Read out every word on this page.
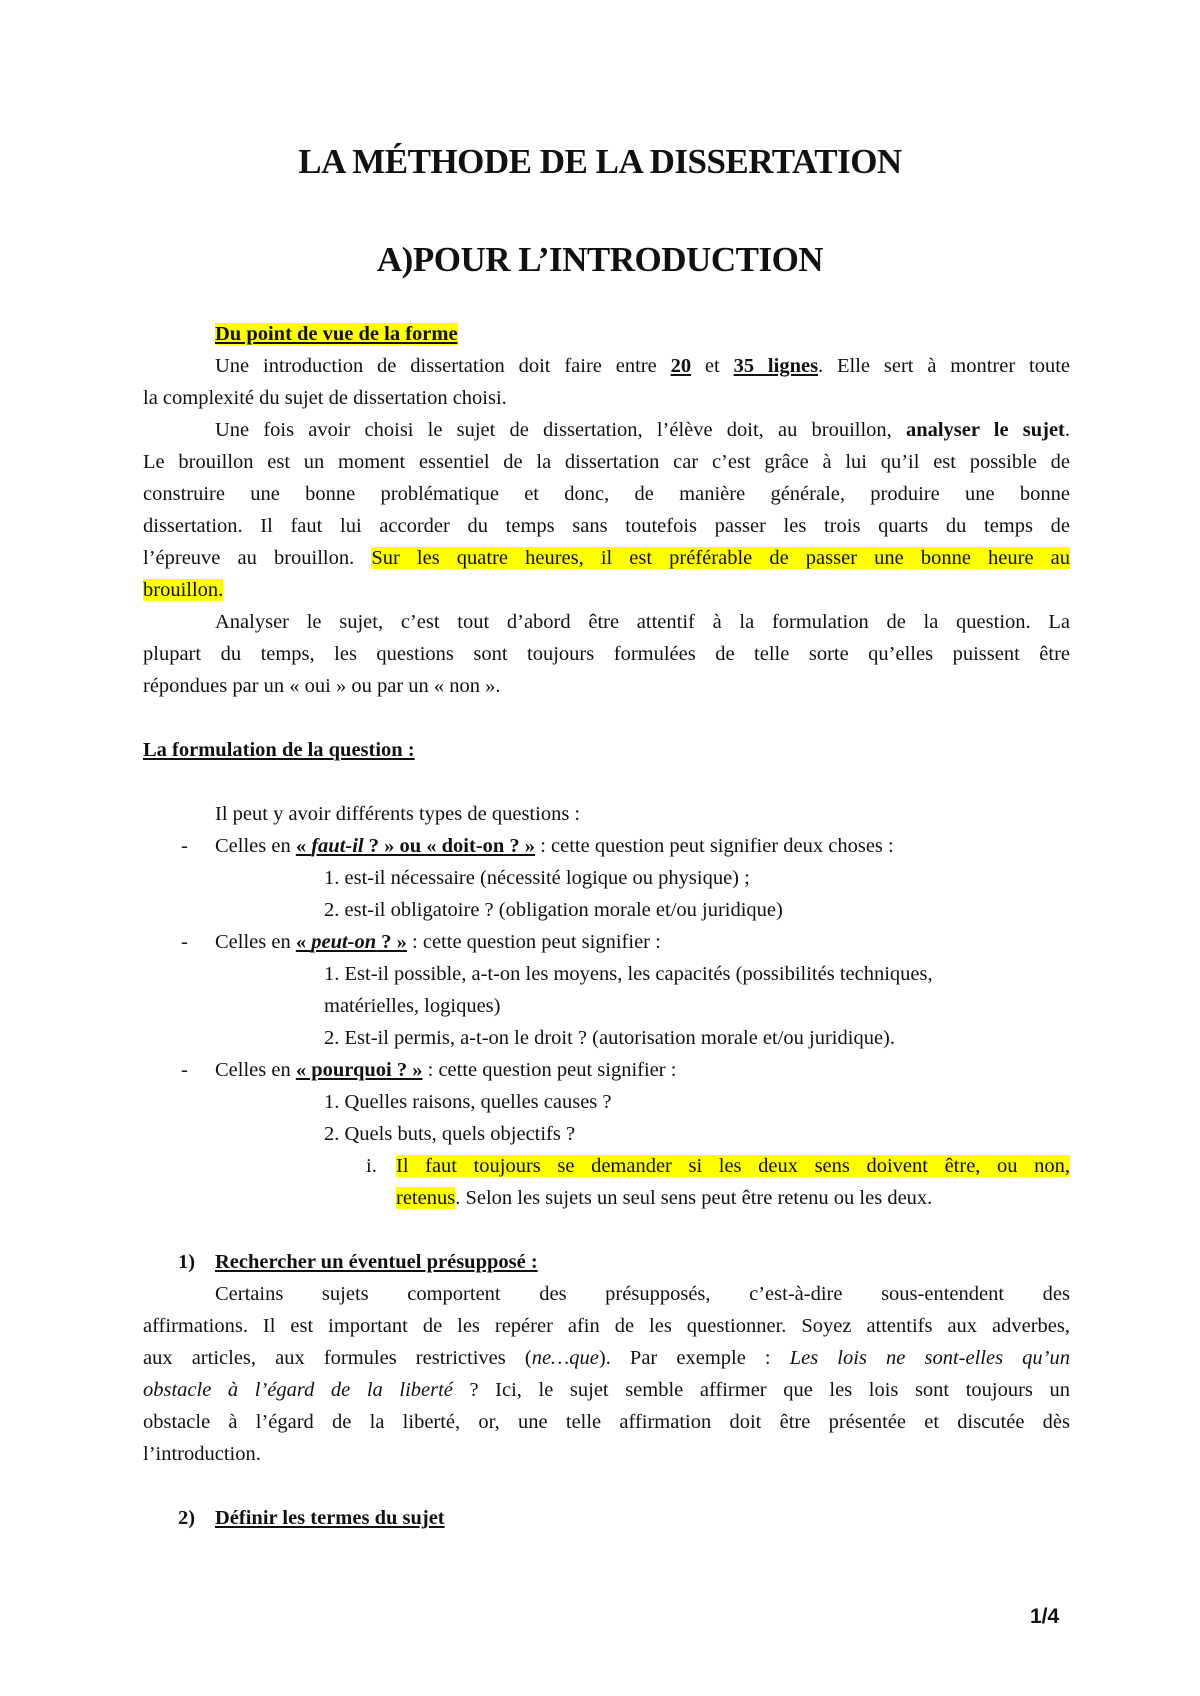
LA MÉTHODE DE LA DISSERTATION
A)POUR L’INTRODUCTION
Du point de vue de la forme
Une introduction de dissertation doit faire entre 20 et 35 lignes. Elle sert à montrer toute
la complexité du sujet de dissertation choisi.
Une fois avoir choisi le sujet de dissertation, l’élève doit, au brouillon, analyser le sujet.
Le brouillon est un moment essentiel de la dissertation car c’est grâce à lui qu’il est possible de
construire une bonne problématique et donc, de manière générale, produire une bonne
dissertation. Il faut lui accorder du temps sans toutefois passer les trois quarts du temps de
l’épreuve au brouillon. Sur les quatre heures, il est préférable de passer une bonne heure au
brouillon.
Analyser le sujet, c’est tout d’abord être attentif à la formulation de la question. La
plupart du temps, les questions sont toujours formulées de telle sorte qu’elles puissent être
répondues par un « oui » ou par un « non ».
La formulation de la question :
Il peut y avoir différents types de questions :
-	Celles en « faut-il ? » ou « doit-on ? » : cette question peut signifier deux choses :
1. est-il nécessaire (nécessité logique ou physique) ;
2. est-il obligatoire ? (obligation morale et/ou juridique)
-	Celles en « peut-on ? » : cette question peut signifier :
1. Est-il possible, a-t-on les moyens, les capacités (possibilités techniques,
matérielles, logiques)
2. Est-il permis, a-t-on le droit ? (autorisation morale et/ou juridique).
-	Celles en « pourquoi ? » : cette question peut signifier :
1. Quelles raisons, quelles causes ?
2. Quels buts, quels objectifs ?
i. Il faut toujours se demander si les deux sens doivent être, ou non,
retenus. Selon les sujets un seul sens peut être retenu ou les deux.
1) Rechercher un éventuel présupposé :
Certains sujets comportent des présupposés, c’est-à-dire sous-entendent des
affirmations. Il est important de les repérer afin de les questionner. Soyez attentifs aux adverbes,
aux articles, aux formules restrictives (ne…que). Par exemple : Les lois ne sont-elles qu’un
obstacle à l’égard de la liberté ? Ici, le sujet semble affirmer que les lois sont toujours un
obstacle à l’égard de la liberté, or, une telle affirmation doit être présentée et discutée dès
l’introduction.
2) Définir les termes du sujet
1/4
